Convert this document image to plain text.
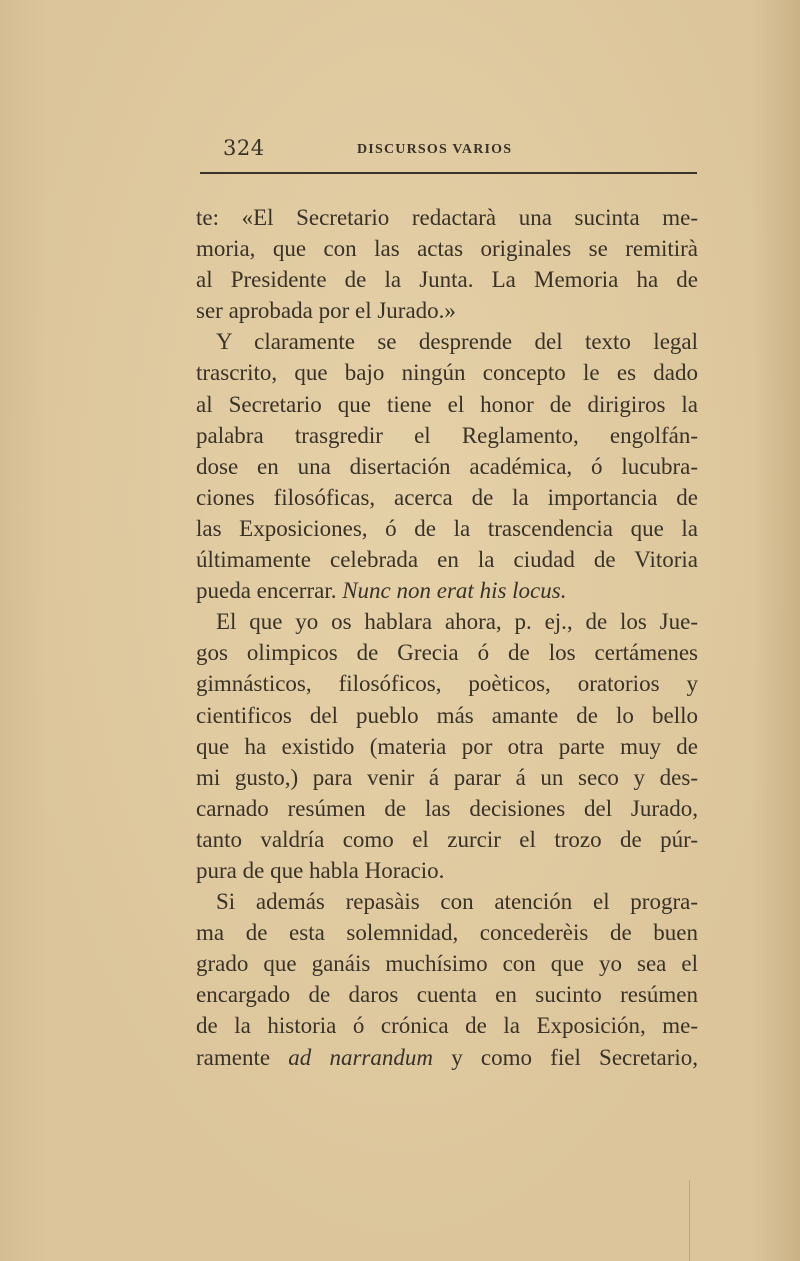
324	DISCURSOS VARIOS
te: «El Secretario redactarà una sucinta me-
moria, que con las actas originales se remitirà
al Presidente de la Junta. La Memoria ha de
ser aprobada por el Jurado.»
Y claramente se desprende del texto legal
trascrito, que bajo ningún concepto le es dado
al Secretario que tiene el honor de dirigiros la
palabra trasgredir el Reglamento, engolfán-
dose en una disertación académica, ó lucubra-
ciones filosóficas, acerca de la importancia de
las Exposiciones, ó de la trascendencia que la
últimamente celebrada en la ciudad de Vitoria
pueda encerrar. Nunc non erat his locus.
El que yo os hablara ahora, p. ej., de los Jue-
gos olimpicos de Grecia ó de los certámenes
gimnásticos, filosóficos, poèticos, oratorios y
cientificos del pueblo más amante de lo bello
que ha existido (materia por otra parte muy de
mi gusto,) para venir á parar á un seco y des-
carnado resúmen de las decisiones del Jurado,
tanto valdría como el zurcir el trozo de púr-
pura de que habla Horacio.
Si además repasàis con atención el progra-
ma de esta solemnidad, concederèis de buen
grado que ganáis muchísimo con que yo sea el
encargado de daros cuenta en sucinto resúmen
de la historia ó crónica de la Exposición, me-
ramente ad narrandum y como fiel Secretario,
